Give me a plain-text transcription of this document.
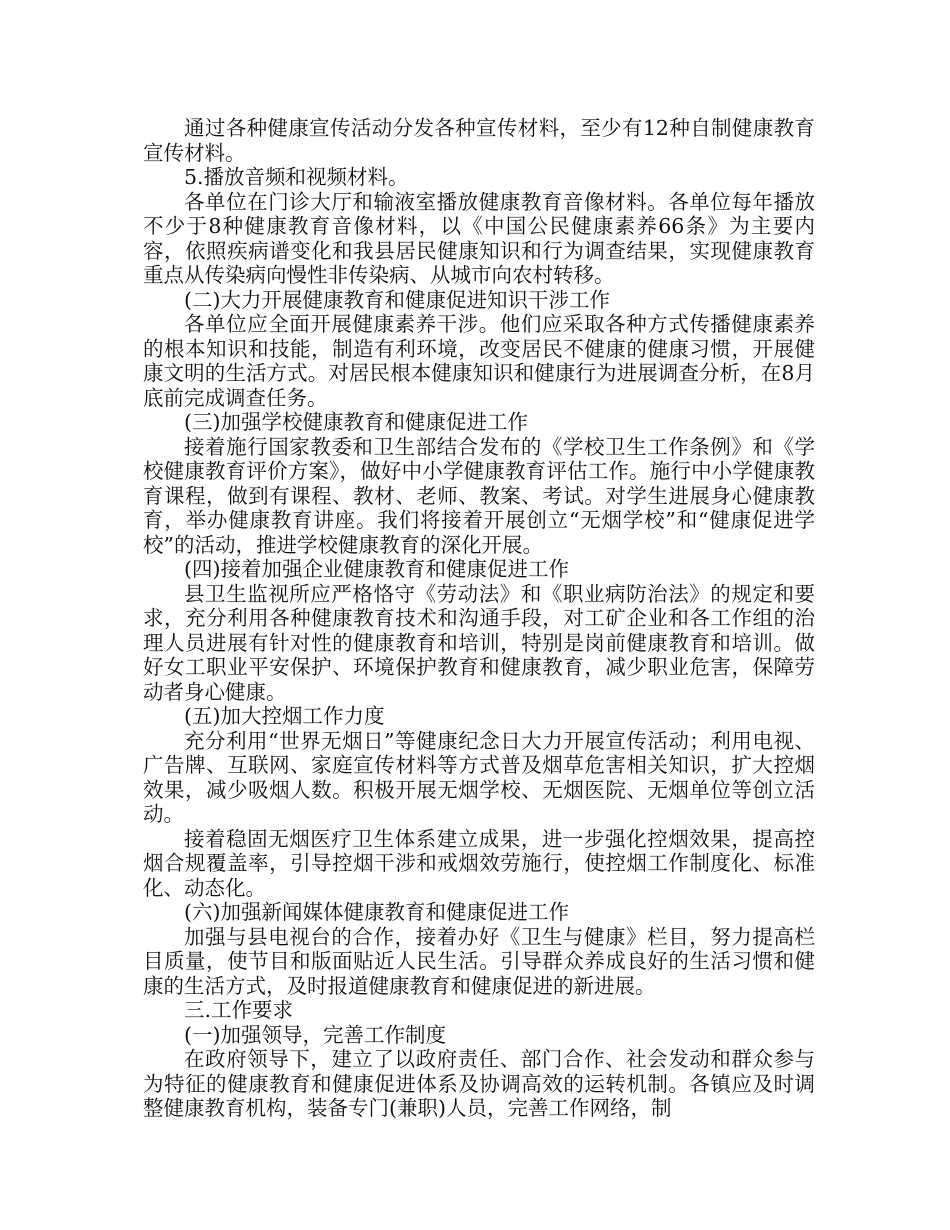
通过各种健康宣传活动分发各种宣传材料，至少有12种自制健康教育宣传材料。

5.播放音频和视频材料。

各单位在门诊大厅和输液室播放健康教育音像材料。各单位每年播放不少于8种健康教育音像材料，以《中国公民健康素养66条》为主要内容，依照疾病谱变化和我县居民健康知识和行为调查结果，实现健康教育重点从传染病向慢性非传染病、从城市向农村转移。

(二)大力开展健康教育和健康促进知识干涉工作

各单位应全面开展健康素养干涉。他们应采取各种方式传播健康素养的根本知识和技能，制造有利环境，改变居民不健康的健康习惯，开展健康文明的生活方式。对居民根本健康知识和健康行为进展调查分析，在8月底前完成调查任务。

(三)加强学校健康教育和健康促进工作

接着施行国家教委和卫生部结合发布的《学校卫生工作条例》和《学校健康教育评价方案》，做好中小学健康教育评估工作。施行中小学健康教育课程，做到有课程、教材、老师、教案、考试。对学生进展身心健康教育，举办健康教育讲座。我们将接着开展创立“无烟学校”和“健康促进学校”的活动，推进学校健康教育的深化开展。

(四)接着加强企业健康教育和健康促进工作

县卫生监视所应严格恪守《劳动法》和《职业病防治法》的规定和要求，充分利用各种健康教育技术和沟通手段，对工矿企业和各工作组的治理人员进展有针对性的健康教育和培训，特别是岗前健康教育和培训。做好女工职业平安保护、环境保护教育和健康教育，减少职业危害，保障劳动者身心健康。

(五)加大控烟工作力度

充分利用“世界无烟日”等健康纪念日大力开展宣传活动；利用电视、广告牌、互联网、家庭宣传材料等方式普及烟草危害相关知识，扩大控烟效果，减少吸烟人数。积极开展无烟学校、无烟医院、无烟单位等创立活动。

接着稳固无烟医疗卫生体系建立成果，进一步强化控烟效果，提高控烟合规覆盖率，引导控烟干涉和戒烟效劳施行，使控烟工作制度化、标准化、动态化。

(六)加强新闻媒体健康教育和健康促进工作

加强与县电视台的合作，接着办好《卫生与健康》栏目，努力提高栏目质量，使节目和版面贴近人民生活。引导群众养成良好的生活习惯和健康的生活方式，及时报道健康教育和健康促进的新进展。

三.工作要求

(一)加强领导，完善工作制度

在政府领导下，建立了以政府责任、部门合作、社会发动和群众参与为特征的健康教育和健康促进体系及协调高效的运转机制。各镇应及时调整健康教育机构，装备专门(兼职)人员，完善工作网络，制
